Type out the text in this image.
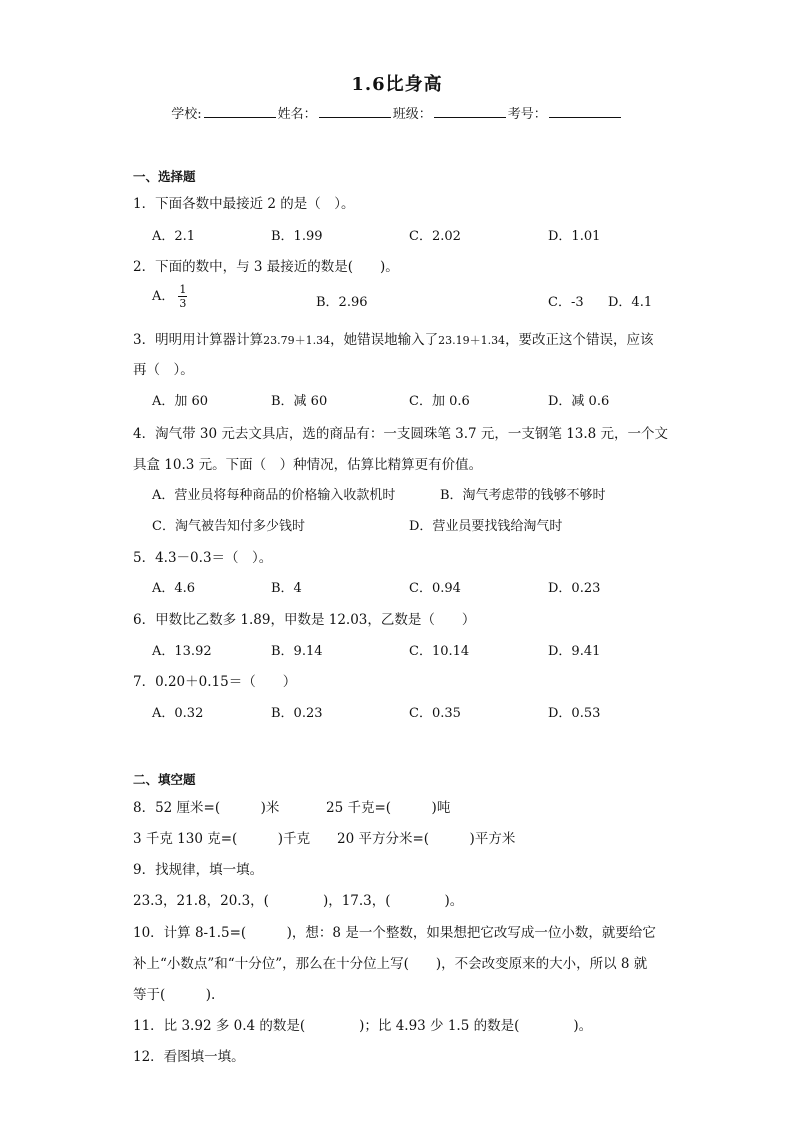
1.6比身高
学校:	姓名：	班级：	考号：
一、选择题
1．下面各数中最接近 2 的是（　）。
A．2.1	B．1.99	C．2.02	D．1.01
2．下面的数中，与 3 最接近的数是(　　)。
A． $\frac{1}{3}$	B．2.96	C．-3 D．4.1
3．明明用计算器计算23.79＋1.34，她错误地输入了23.19＋1.34，要改正这个错误，应该
再（　）。
A．加 60	B．减 60	C．加 0.6	D．减 0.6
4．淘气带 30 元去文具店，选的商品有：一支圆珠笔 3.7 元，一支钢笔 13.8 元，一个文
具盒 10.3 元。下面（　）种情况，估算比精算更有价值。
A．营业员将每种商品的价格输入收款机时	B．淘气考虑带的钱够不够时
C．淘气被告知付多少钱时	D．营业员要找钱给淘气时
5．4.3－0.3＝（　）。
A．4.6	B．4	C．0.94	D．0.23
6．甲数比乙数多 1.89，甲数是 12.03，乙数是（　　）
A．13.92	B．9.14	C．10.14	D．9.41
7．0.20＋0.15＝（　　）
A．0.32	B．0.23	C．0.35	D．0.53
二、填空题
8．52 厘米=(　　　)米	25 千克=(　　　)吨
3 千克 130 克=(　　　)千克 20 平方分米=(　　　)平方米
9．找规律，填一填。
23.3，21.8，20.3，(　　　　)，17.3，(　　　　)。
10．计算 8-1.5=(　　　)，想：8 是一个整数，如果想把它改写成一位小数，就要给它
补上“小数点”和“十分位”，那么在十分位上写(　　)，不会改变原来的大小，所以 8 就
等于(　　　).
11．比 3.92 多 0.4 的数是(　　　　)；比 4.93 少 1.5 的数是(　　　　)。
12．看图填一填。
